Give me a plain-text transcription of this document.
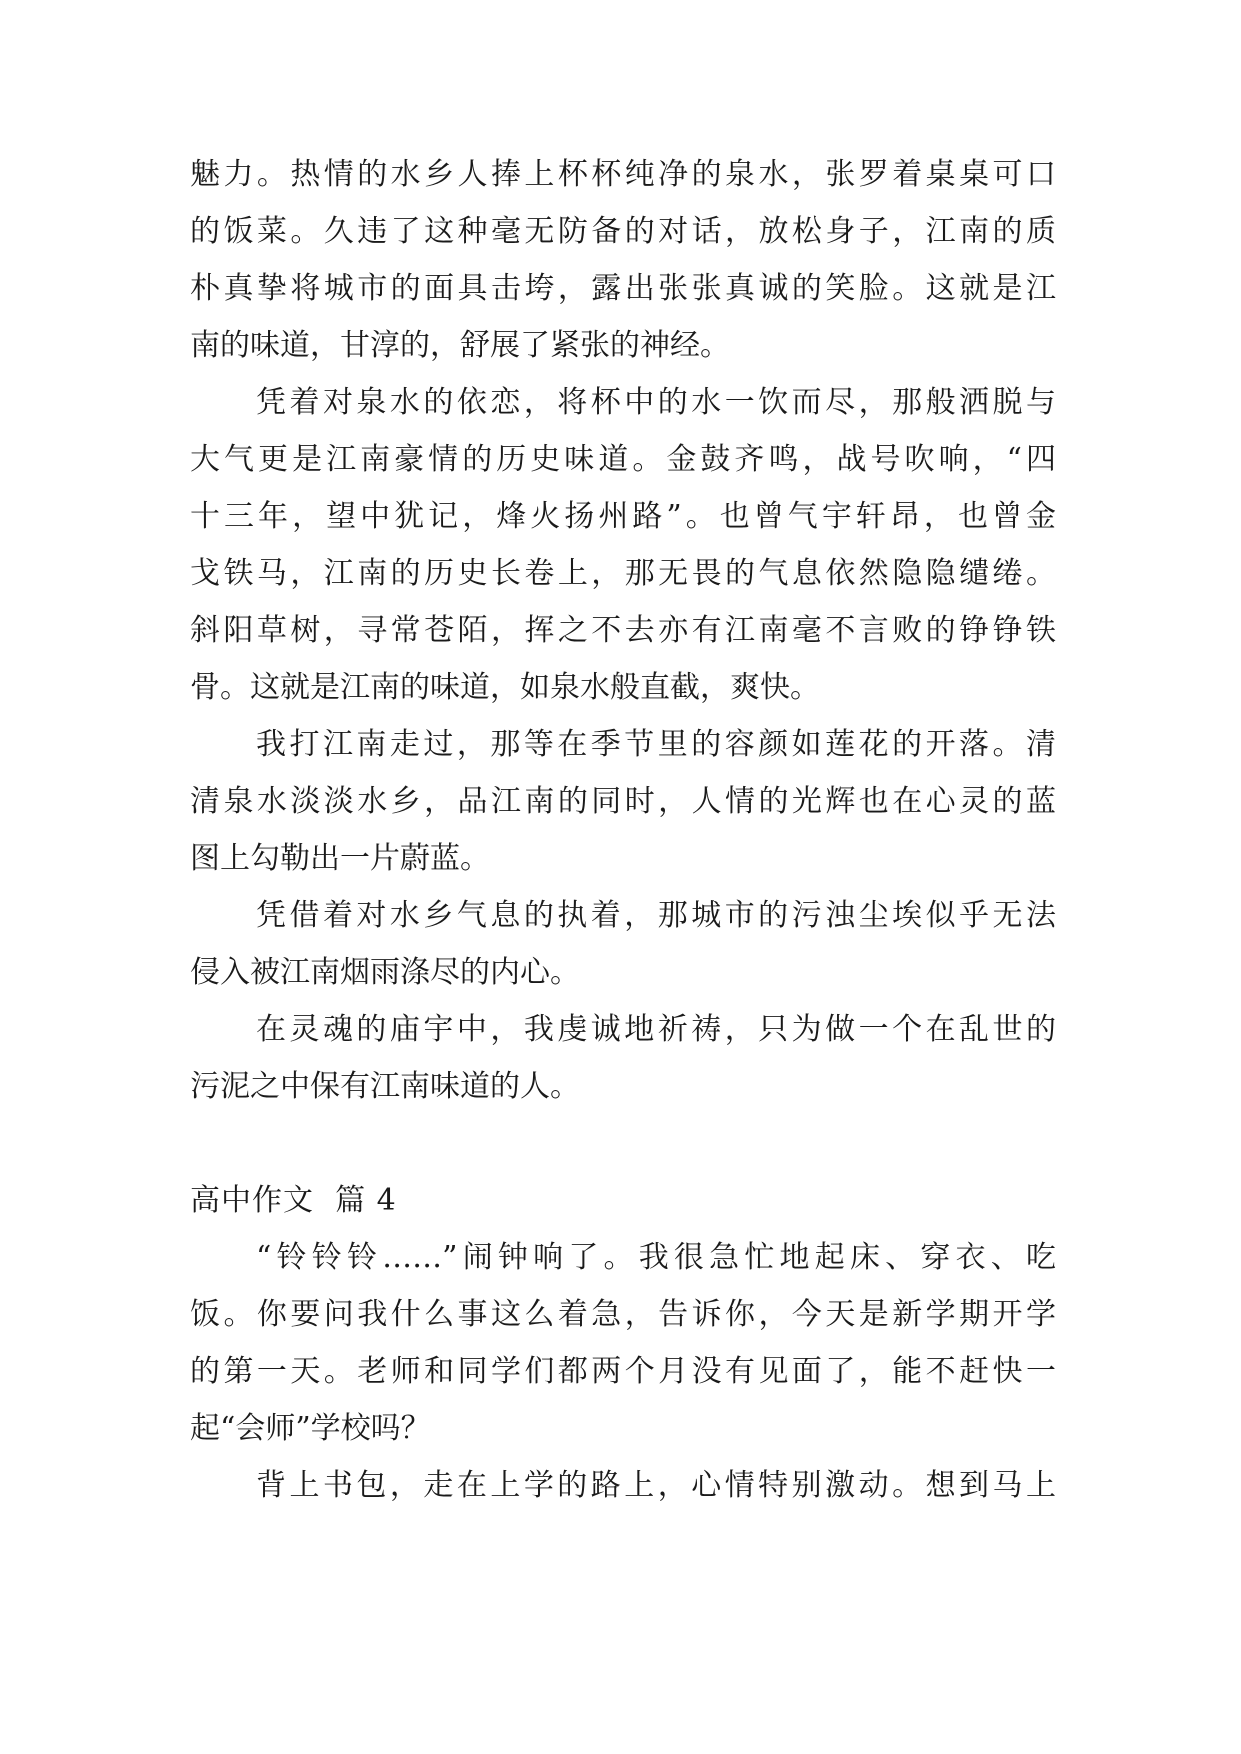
魅力。热情的水乡人捧上杯杯纯净的泉水，张罗着桌桌可口
的饭菜。久违了这种毫无防备的对话，放松身子，江南的质
朴真挚将城市的面具击垮，露出张张真诚的笑脸。这就是江
南的味道，甘淳的，舒展了紧张的神经。
凭着对泉水的依恋，将杯中的水一饮而尽，那般洒脱与
大气更是江南豪情的历史味道。金鼓齐鸣，战号吹响，“四
十三年，望中犹记，烽火扬州路”。也曾气宇轩昂，也曾金
戈铁马，江南的历史长卷上，那无畏的气息依然隐隐缱绻。
斜阳草树，寻常苍陌，挥之不去亦有江南毫不言败的铮铮铁
骨。这就是江南的味道，如泉水般直截，爽快。
我打江南走过，那等在季节里的容颜如莲花的开落。清
清泉水淡淡水乡，品江南的同时，人情的光辉也在心灵的蓝
图上勾勒出一片蔚蓝。
凭借着对水乡气息的执着，那城市的污浊尘埃似乎无法
侵入被江南烟雨涤尽的内心。
在灵魂的庙宇中，我虔诚地祈祷，只为做一个在乱世的
污泥之中保有江南味道的人。
高中作文  篇 4
“铃铃铃……”闹钟响了。我很急忙地起床、穿衣、吃
饭。你要问我什么事这么着急，告诉你，今天是新学期开学
的第一天。老师和同学们都两个月没有见面了，能不赶快一
起“会师”学校吗？
背上书包，走在上学的路上，心情特别激动。想到马上
